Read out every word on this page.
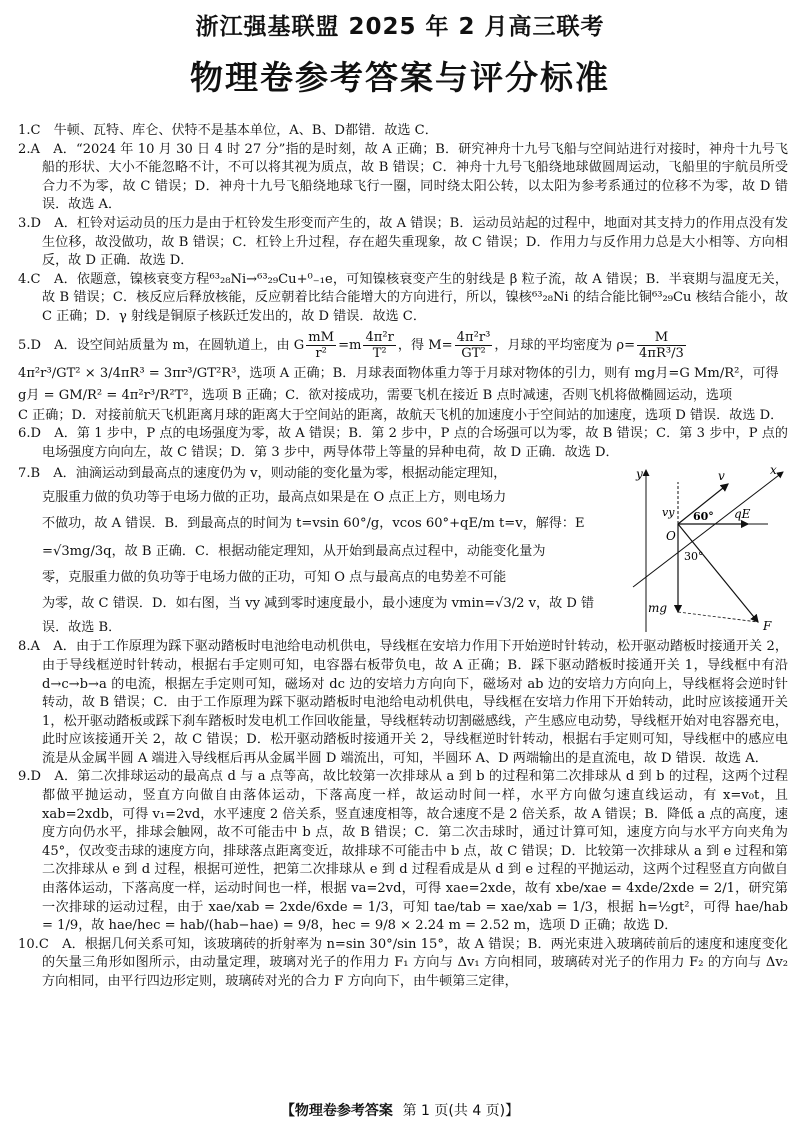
浙江强基联盟 2025 年 2 月高三联考
物理卷参考答案与评分标准

1.C　牛顿、瓦特、库仑、伏特不是基本单位，A、B、D都错．故选 C．

2.A　A．“2024 年 10 月 30 日 4 时 27 分”指的是时刻，故 A 正确；B．研究神舟十九号飞船与空间站进行对接时，神舟十九号飞船的形状、大小不能忽略不计，不可以将其视为质点，故 B 错误；C．神舟十九号飞船绕地球做圆周运动，飞船里的宇航员所受合力不为零，故 C 错误；D．神舟十九号飞船绕地球飞行一圈，同时绕太阳公转，以太阳为参考系通过的位移不为零，故 D 错误．故选 A．

3.D　A．杠铃对运动员的压力是由于杠铃发生形变而产生的，故 A 错误；B．运动员站起的过程中，地面对其支持力的作用点没有发生位移，故没做功，故 B 错误；C．杠铃上升过程，存在超失重现象，故 C 错误；D．作用力与反作用力总是大小相等、方向相反，故 D 正确．故选 D．

4.C　A．依题意，镍核衰变方程⁶³₂₈Ni→⁶³₂₉Cu+⁰₋₁e，可知镍核衰变产生的射线是 β 粒子流，故 A 错误；B．半衰期与温度无关，故 B 错误；C．核反应后释放核能，反应朝着比结合能增大的方向进行，所以，镍核⁶³₂₈Ni 的结合能比铜⁶³₂₉Cu 核结合能小，故 C 正确；D．γ 射线是铜原子核跃迁发出的，故 D 错误．故选 C．

5.D　A．设空间站质量为 m，在圆轨道上，由 G $\frac{mM}{\text{r²}} =m \frac{\text{4π²r}}{\text{T²}}$ ，得 $M= \frac{\text{4π²r³}}{\text{GT²}}$ ，月球的平均密度为 $\rho= \frac{M}{\text{4πR³/3}}$

4π²r³/GT² × 3/4πR³ = 3πr³/GT²R³，选项 A 正确；B．月球表面物体重力等于月球对物体的引力，则有 mg月=G Mm/R²，可得

g月 = GM/R² = 4π²r³/R²T²，选项 B 正确；C．欲对接成功，需要飞机在接近 B 点时减速，否则飞机将做椭圆运动，选项

C 正确；D．对接前航天飞机距离月球的距离大于空间站的距离，故航天飞机的加速度小于空间站的加速度，选项 D 错误．故选 D．

6.D　A．第 1 步中，P 点的电场强度为零，故 A 错误；B．第 2 步中，P 点的合场强可以为零，故 B 错误；C．第 3 步中，P 点的电场强度方向向左，故 C 错误；D．第 3 步中，两导体带上等量的异种电荷，故 D 正确．故选 D．

7.B　A．油滴运动到最高点的速度仍为 v，则动能的变化量为零，根据动能定理知，

克服重力做的负功等于电场力做的正功，最高点如果是在 O 点正上方，则电场力

不做功，故 A 错误．B．到最高点的时间为 t=vsin 60°/g，vcos 60°+qE/m t=v，解得：E

=√3mg/3q，故 B 正确．C．根据动能定理知，从开始到最高点过程中，动能变化量为

零，克服重力做的负功等于电场力做的正功，可知 O 点与最高点的电势差不可能

为零，故 C 错误．D．如右图，当 vy 减到零时速度最小，最小速度为 vmin=√3/2 v，故 D 错

误．故选 B．

y	x
v
vy 60° qE
O
30°
mg
F

8.A　A．由于工作原理为踩下驱动踏板时电池给电动机供电，导线框在安培力作用下开始逆时针转动，松开驱动踏板时接通开关 2，由于导线框逆时针转动，根据右手定则可知，电容器右板带负电，故 A 正确；B．踩下驱动踏板时接通开关 1，导线框中有沿 d→c→b→a 的电流，根据左手定则可知，磁场对 dc 边的安培力方向向下，磁场对 ab 边的安培力方向向上，导线框将会逆时针转动，故 B 错误；C．由于工作原理为踩下驱动踏板时电池给电动机供电，导线框在安培力作用下开始转动，此时应该接通开关 1，松开驱动踏板或踩下刹车踏板时发电机工作回收能量，导线框转动切割磁感线，产生感应电动势，导线框开始对电容器充电，此时应该接通开关 2，故 C 错误；D．松开驱动踏板时接通开关 2，导线框逆时针转动，根据右手定则可知，导线框中的感应电流是从金属半圆 A 端进入导线框后再从金属半圆 D 端流出，可知，半圆环 A、D 两端输出的是直流电，故 D 错误．故选 A．

9.D　A．第二次排球运动的最高点 d 与 a 点等高，故比较第一次排球从 a 到 b 的过程和第二次排球从 d 到 b 的过程，这两个过程都做平抛运动，竖直方向做自由落体运动，下落高度一样，故运动时间一样，水平方向做匀速直线运动，有 x=v₀t，且 xab=2xdb，可得 v₁=2vd，水平速度 2 倍关系，竖直速度相等，故合速度不是 2 倍关系，故 A 错误；B．降低 a 点的高度，速度方向仍水平，排球会触网，故不可能击中 b 点，故 B 错误；C．第二次击球时，通过计算可知，速度方向与水平方向夹角为 45°，仅改变击球的速度方向，排球落点距离变近，故排球不可能击中 b 点，故 C 错误；D．比较第一次排球从 a 到 e 过程和第二次排球从 e 到 d 过程，根据可逆性，把第二次排球从 e 到 d 过程看成是从 d 到 e 过程的平抛运动，这两个过程竖直方向做自由落体运动，下落高度一样，运动时间也一样，根据 va=2vd，可得 xae=2xde，故有 xbe/xae = 4xde/2xde = 2/1，研究第一次排球的运动过程，由于 xae/xab = 2xde/6xde = 1/3，可知 tae/tab = xae/xab = 1/3，根据 h=½gt²，可得 hae/hab = 1/9，故 hae/hec = hab/(hab−hae) = 9/8，hec = 9/8 × 2.24 m = 2.52 m，选项 D 正确；故选 D．

10.C　A．根据几何关系可知，该玻璃砖的折射率为 n=sin 30°/sin 15°，故 A 错误；B．两光束进入玻璃砖前后的速度和速度变化的矢量三角形如图所示，由动量定理，玻璃对光子的作用力 F₁ 方向与 Δv₁ 方向相同，玻璃砖对光子的作用力 F₂ 的方向与 Δv₂ 方向相同，由平行四边形定则，玻璃砖对光的合力 F 方向向下，由牛顿第三定律，

【物理卷参考答案 第 1 页(共 4 页)】
